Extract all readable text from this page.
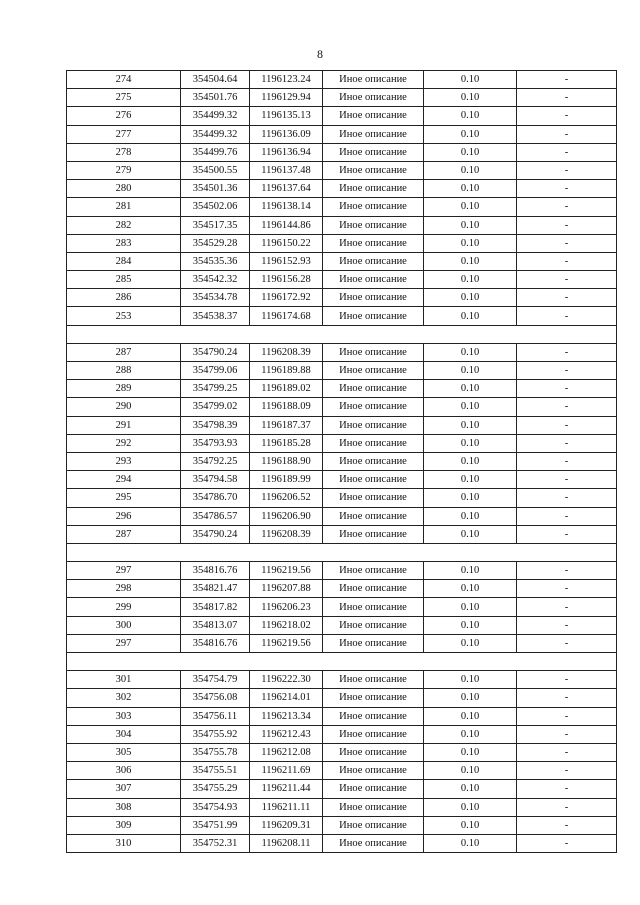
8
274	354504.64	1196123.24	Иное описание	0.10	-
275	354501.76	1196129.94	Иное описание	0.10	-
276	354499.32	1196135.13	Иное описание	0.10	-
277	354499.32	1196136.09	Иное описание	0.10	-
278	354499.76	1196136.94	Иное описание	0.10	-
279	354500.55	1196137.48	Иное описание	0.10	-
280	354501.36	1196137.64	Иное описание	0.10	-
281	354502.06	1196138.14	Иное описание	0.10	-
282	354517.35	1196144.86	Иное описание	0.10	-
283	354529.28	1196150.22	Иное описание	0.10	-
284	354535.36	1196152.93	Иное описание	0.10	-
285	354542.32	1196156.28	Иное описание	0.10	-
286	354534.78	1196172.92	Иное описание	0.10	-
253	354538.37	1196174.68	Иное описание	0.10	-

287	354790.24	1196208.39	Иное описание	0.10	-
288	354799.06	1196189.88	Иное описание	0.10	-
289	354799.25	1196189.02	Иное описание	0.10	-
290	354799.02	1196188.09	Иное описание	0.10	-
291	354798.39	1196187.37	Иное описание	0.10	-
292	354793.93	1196185.28	Иное описание	0.10	-
293	354792.25	1196188.90	Иное описание	0.10	-
294	354794.58	1196189.99	Иное описание	0.10	-
295	354786.70	1196206.52	Иное описание	0.10	-
296	354786.57	1196206.90	Иное описание	0.10	-
287	354790.24	1196208.39	Иное описание	0.10	-

297	354816.76	1196219.56	Иное описание	0.10	-
298	354821.47	1196207.88	Иное описание	0.10	-
299	354817.82	1196206.23	Иное описание	0.10	-
300	354813.07	1196218.02	Иное описание	0.10	-
297	354816.76	1196219.56	Иное описание	0.10	-

301	354754.79	1196222.30	Иное описание	0.10	-
302	354756.08	1196214.01	Иное описание	0.10	-
303	354756.11	1196213.34	Иное описание	0.10	-
304	354755.92	1196212.43	Иное описание	0.10	-
305	354755.78	1196212.08	Иное описание	0.10	-
306	354755.51	1196211.69	Иное описание	0.10	-
307	354755.29	1196211.44	Иное описание	0.10	-
308	354754.93	1196211.11	Иное описание	0.10	-
309	354751.99	1196209.31	Иное описание	0.10	-
310	354752.31	1196208.11	Иное описание	0.10	-
